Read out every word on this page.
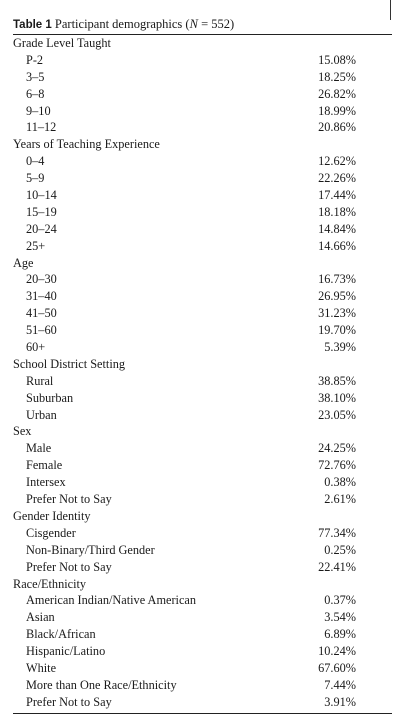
Table 1 Participant demographics (N = 552)
Grade Level Taught
P-2	15.08%
3–5	18.25%
6–8	26.82%
9–10	18.99%
11–12	20.86%
Years of Teaching Experience
0–4	12.62%
5–9	22.26%
10–14	17.44%
15–19	18.18%
20–24	14.84%
25+	14.66%
Age
20–30	16.73%
31–40	26.95%
41–50	31.23%
51–60	19.70%
60+	5.39%
School District Setting
Rural	38.85%
Suburban	38.10%
Urban	23.05%
Sex
Male	24.25%
Female	72.76%
Intersex	0.38%
Prefer Not to Say	2.61%
Gender Identity
Cisgender	77.34%
Non-Binary/Third Gender	0.25%
Prefer Not to Say	22.41%
Race/Ethnicity
American Indian/Native American	0.37%
Asian	3.54%
Black/African	6.89%
Hispanic/Latino	10.24%
White	67.60%
More than One Race/Ethnicity	7.44%
Prefer Not to Say	3.91%
